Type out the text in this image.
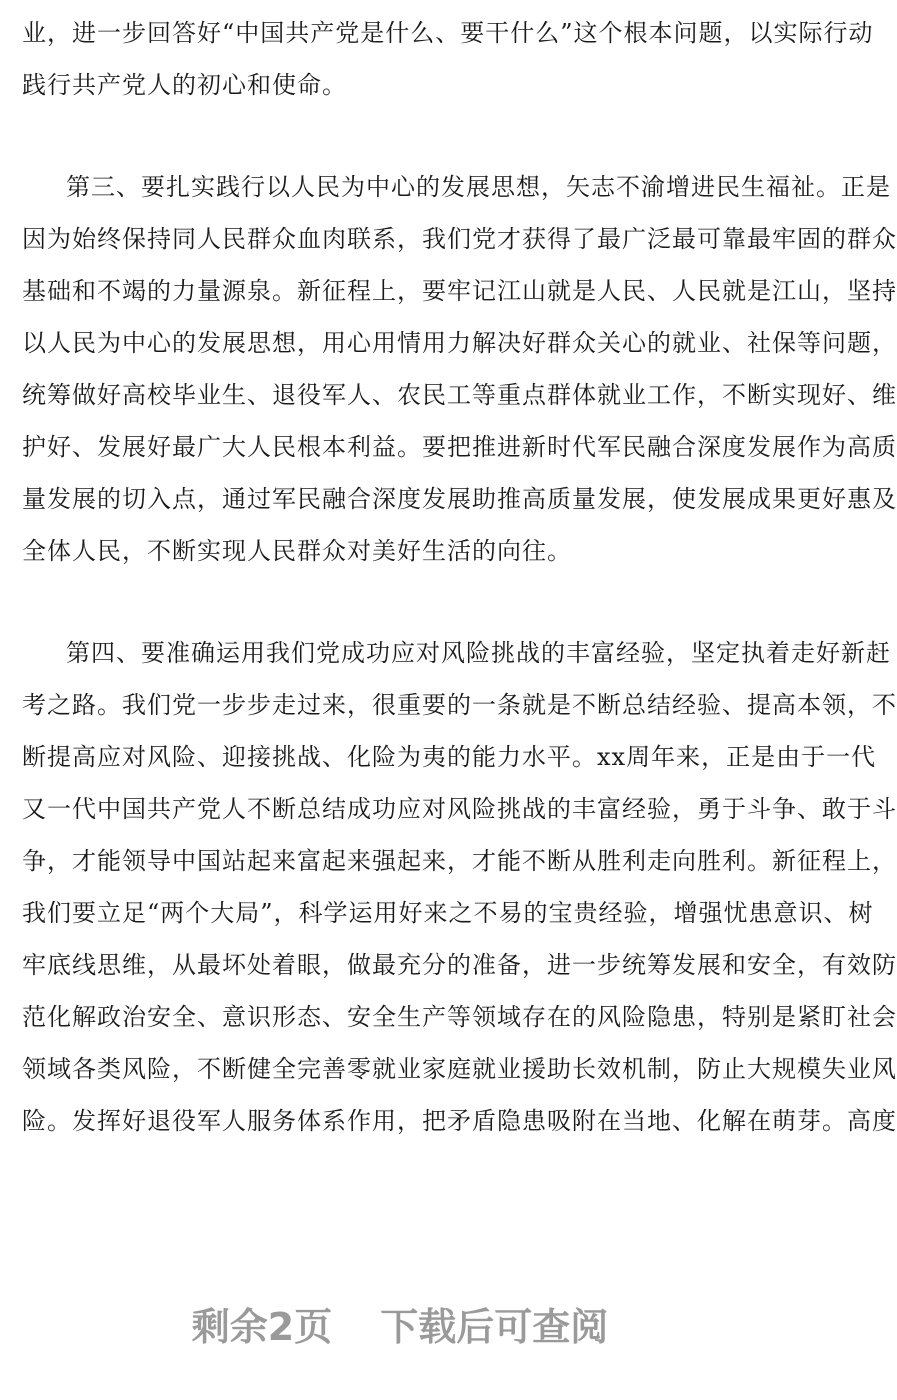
业，进一步回答好“中国共产党是什么、要干什么”这个根本问题，以实际行动
践行共产党人的初心和使命。
第三、要扎实践行以人民为中心的发展思想，矢志不渝增进民生福祉。正是
因为始终保持同人民群众血肉联系，我们党才获得了最广泛最可靠最牢固的群众
基础和不竭的力量源泉。新征程上，要牢记江山就是人民、人民就是江山，坚持
以人民为中心的发展思想，用心用情用力解决好群众关心的就业、社保等问题，
统筹做好高校毕业生、退役军人、农民工等重点群体就业工作，不断实现好、维
护好、发展好最广大人民根本利益。要把推进新时代军民融合深度发展作为高质
量发展的切入点，通过军民融合深度发展助推高质量发展，使发展成果更好惠及
全体人民，不断实现人民群众对美好生活的向往。
第四、要准确运用我们党成功应对风险挑战的丰富经验，坚定执着走好新赶
考之路。我们党一步步走过来，很重要的一条就是不断总结经验、提高本领，不
断提高应对风险、迎接挑战、化险为夷的能力水平。xx周年来，正是由于一代
又一代中国共产党人不断总结成功应对风险挑战的丰富经验，勇于斗争、敢于斗
争，才能领导中国站起来富起来强起来，才能不断从胜利走向胜利。新征程上，
我们要立足“两个大局”，科学运用好来之不易的宝贵经验，增强忧患意识、树
牢底线思维，从最坏处着眼，做最充分的准备，进一步统筹发展和安全，有效防
范化解政治安全、意识形态、安全生产等领域存在的风险隐患，特别是紧盯社会
领域各类风险，不断健全完善零就业家庭就业援助长效机制，防止大规模失业风
险。发挥好退役军人服务体系作用，把矛盾隐患吸附在当地、化解在萌芽。高度
剩余2页 下载后可查阅
